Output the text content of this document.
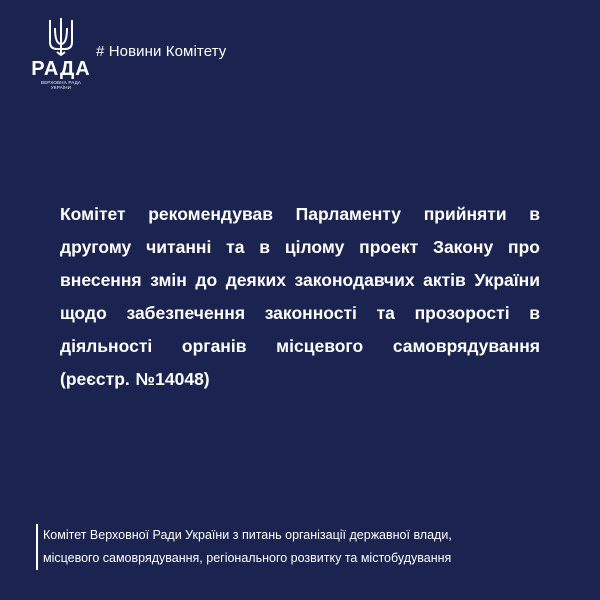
РАДА
ВЕРХОВНА РАДА
УКРАЇНИ
# Новини Комітету

Комітет рекомендував Парламенту прийняти в другому читанні та в цілому проект Закону про внесення змін до деяких законодавчих актів України щодо забезпечення законності та прозорості в діяльності органів місцевого самоврядування (реєстр. №14048)

Комітет Верховної Ради України з питань організації державної влади,
місцевого самоврядування, регіонального розвитку та містобудування
